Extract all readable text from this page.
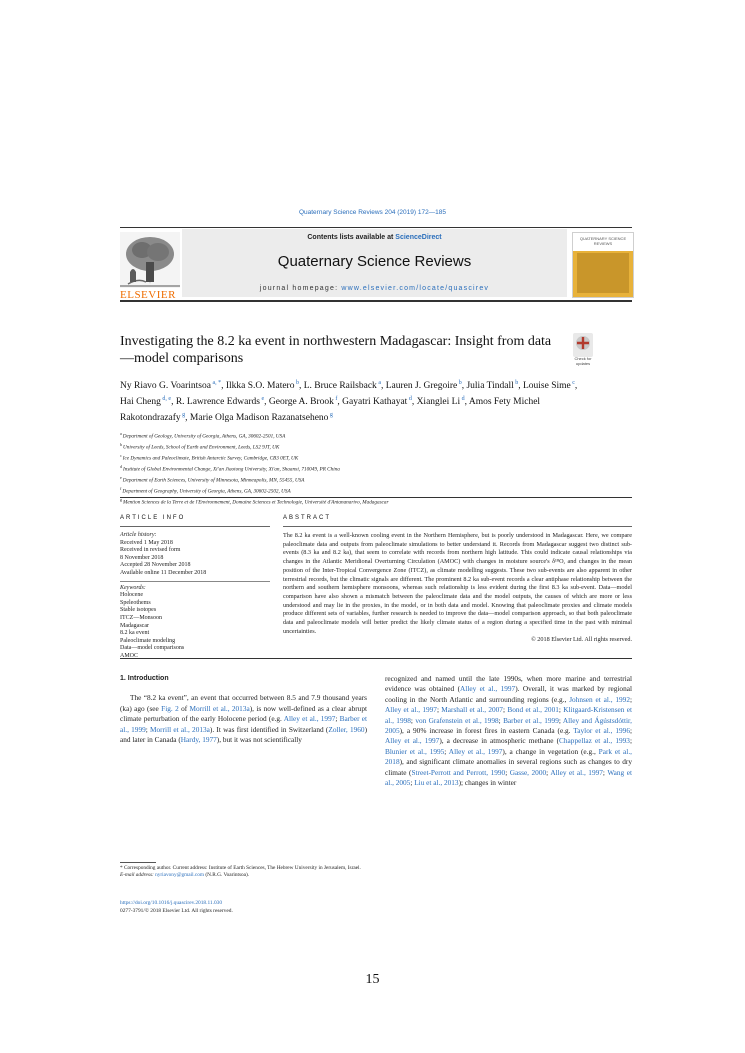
Quaternary Science Reviews 204 (2019) 172—185
ELSEVIER
Contents lists available at ScienceDirect
Quaternary Science Reviews
journal homepage: www.elsevier.com/locate/quascirev
QUATERNARY SCIENCE REVIEWS
Investigating the 8.2 ka event in northwestern Madagascar: Insight from data—model comparisons	Check for updates
Ny Riavo G. Voarintsoa $^{a, *}$, Ilkka S.O. Matero $^b$, L. Bruce Railsback $^a$, Lauren J. Gregoire $^b$, Julia Tindall $^b$, Louise Sime $^c$, Hai Cheng $^{d, e}$, R. Lawrence Edwards $^e$, George A. Brook $^f$, Gayatri Kathayat $^d$, Xianglei Li $^d$, Amos Fety Michel Rakotondrazafy $^g$, Marie Olga Madison Razanatseheno $^g$
$^a$ Department of Geology, University of Georgia, Athens, GA, 30602-2501, USA
$^b$ University of Leeds, School of Earth and Environment, Leeds, LS2 9JT, UK
$^c$ Ice Dynamics and Paleoclimate, British Antarctic Survey, Cambridge, CB3 0ET, UK
$^d$ Institute of Global Environmental Change, Xi'an Jiaotong University, Xi'an, Shaanxi, 710049, PR China
$^e$ Department of Earth Sciences, University of Minnesota, Minneapolis, MN, 55455, USA
$^f$ Department of Geography, University of Georgia, Athens, GA, 30602-2502, USA
$^g$ Mention Sciences de la Terre et de l'Environnement, Domaine Sciences et Technologie, Université d'Antananarivo, Madagascar
ARTICLE INFO	ABSTRACT
Article history:
Received 1 May 2018
Received in revised form
8 November 2018
Accepted 28 November 2018
Available online 11 December 2018
Keywords:
Holocene
Speleothems
Stable isotopes
ITCZ—Monsoon
Madagascar
8.2 ka event
Paleoclimate modeling
Data—model comparisons
AMOC
The 8.2 ka event is a well-known cooling event in the Northern Hemisphere, but is poorly understood in Madagascar. Here, we compare paleoclimate data and outputs from paleoclimate simulations to better understand it. Records from Madagascar suggest two distinct sub-events (8.3 ka and 8.2 ka), that seem to correlate with records from northern high latitude. This could indicate causal relationships via changes in the Atlantic Meridional Overturning Circulation (AMOC) with changes in moisture source's δ¹⁸O, and changes in the mean position of the Inter-Tropical Convergence Zone (ITCZ), as climate modelling suggests. These two sub-events are also apparent in other terrestrial records, but the climatic signals are different. The prominent 8.2 ka sub-event records a clear antiphase relationship between the northern and southern hemisphere monsoons, whereas such relationship is less evident during the first 8.3 ka sub-event. Data—model comparison have also shown a mismatch between the paleoclimate data and the model outputs, the causes of which are more or less understood and may lie in the proxies, in the model, or in both data and model. Knowing that paleoclimate proxies and climate models produce different sets of variables, further research is needed to improve the data—model comparison approach, so that both paleoclimate data and paleoclimate models will better predict the likely climate status of a region during a specified time in the past with minimal uncertainties.
© 2018 Elsevier Ltd. All rights reserved.
1. Introduction
The “8.2 ka event”, an event that occurred between 8.5 and 7.9 thousand years (ka) ago (see Fig. 2 of Morrill et al., 2013a), is now well-defined as a clear abrupt climate perturbation of the early Holocene period (e.g. Alley et al., 1997; Barber et al., 1999; Morrill et al., 2013a). It was first identified in Switzerland (Zoller, 1960) and later in Canada (Hardy, 1977), but it was not scientifically
recognized and named until the late 1990s, when more marine and terrestrial evidence was obtained (Alley et al., 1997). Overall, it was marked by regional cooling in the North Atlantic and surrounding regions (e.g., Johnsen et al., 1992; Alley et al., 1997; Marshall et al., 2007; Bond et al., 2001; Klitgaard-Kristensen et al., 1998; von Grafenstein et al., 1998; Barber et al., 1999; Alley and Ágústsdóttir, 2005), a 90% increase in forest fires in eastern Canada (e.g. Taylor et al., 1996; Alley et al., 1997), a decrease in atmospheric methane (Chappellaz et al., 1993; Blunier et al., 1995; Alley et al., 1997), a change in vegetation (e.g., Park et al., 2018), and significant climate anomalies in several regions such as changes to dry climate (Street-Perrott and Perrott, 1990; Gasse, 2000; Alley et al., 1997; Wang et al., 2005; Liu et al., 2013); changes in winter
* Corresponding author. Current address: Institute of Earth Sciences, The Hebrew University in Jerusalem, Israel.
E-mail address: nyriavony@gmail.com (N.R.G. Voarintsoa).
https://doi.org/10.1016/j.quascirev.2018.11.030
0277-3791/© 2018 Elsevier Ltd. All rights reserved.
15
